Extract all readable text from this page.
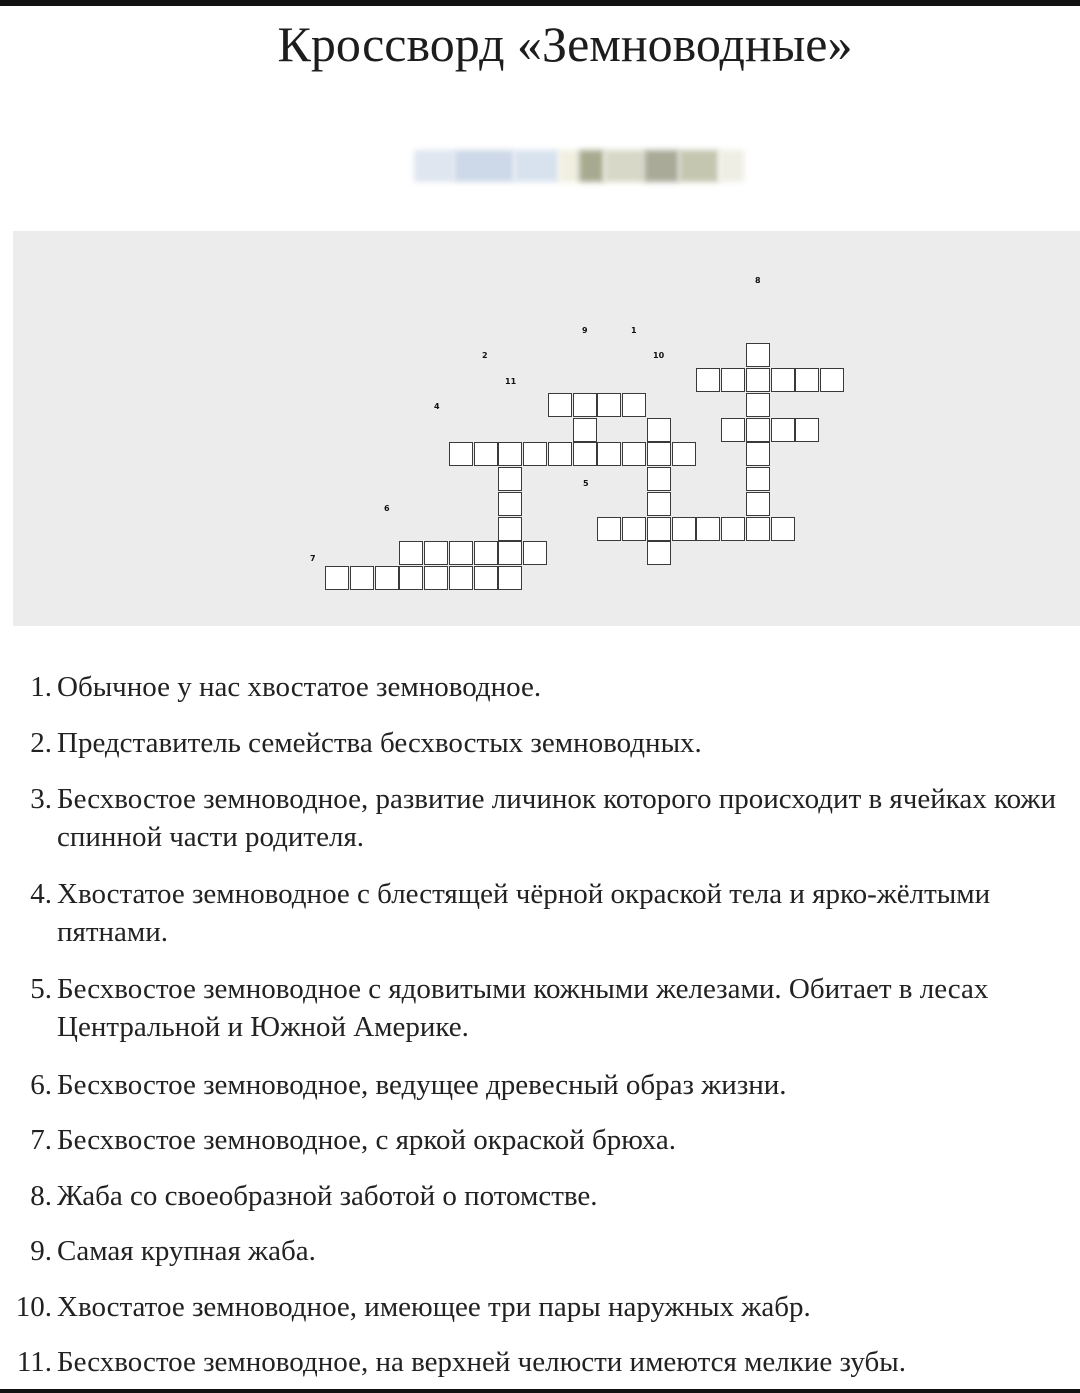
Кроссворд «Земноводные»
8
9	1
2	10
11
4
5
6
7
1. Обычное у нас хвостатое земноводное.
2. Представитель семейства бесхвостых земноводных.
3. Бесхвостое земноводное, развитие личинок которого происходит в ячейках кожи спинной части родителя.
4. Хвостатое земноводное с блестящей чёрной окраской тела и ярко-жёлтыми пятнами.
5. Бесхвостое земноводное с ядовитыми кожными железами. Обитает в лесах Центральной и Южной Америке.
6. Бесхвостое земноводное, ведущее древесный образ жизни.
7. Бесхвостое земноводное, с яркой окраской брюха.
8. Жаба со своеобразной заботой о потомстве.
9. Самая крупная жаба.
10. Хвостатое земноводное, имеющее три пары наружных жабр.
11. Бесхвостое земноводное, на верхней челюсти имеются мелкие зубы.
